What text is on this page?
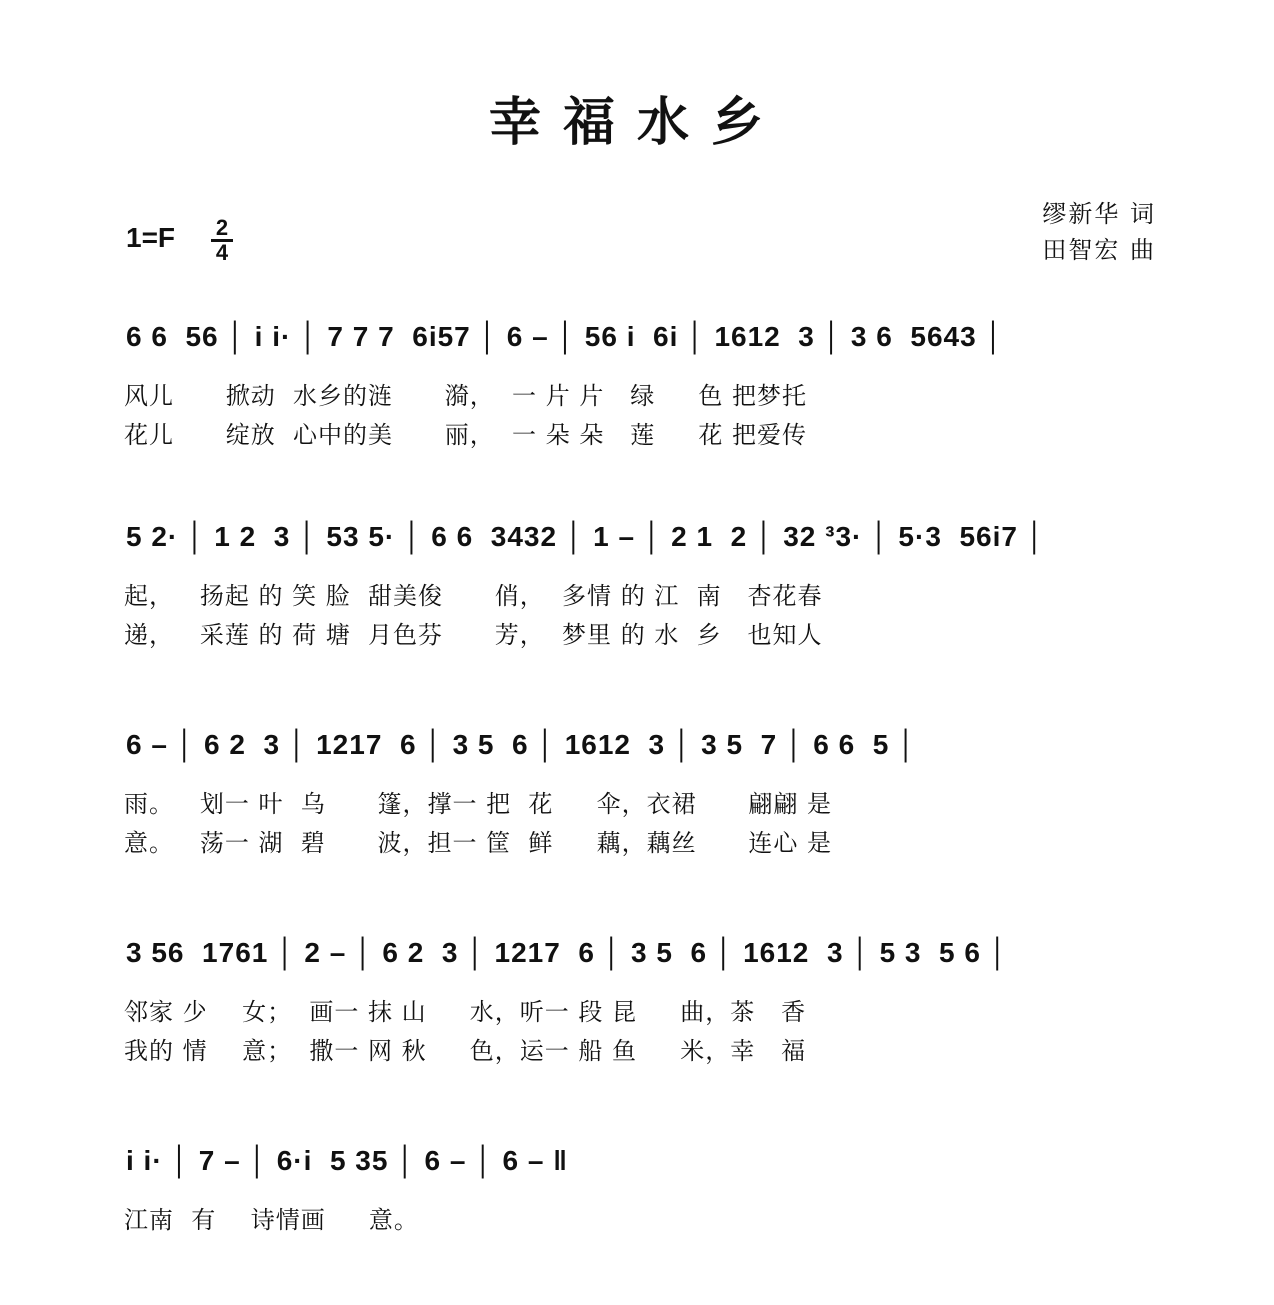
幸福水乡
缪新华 词
田智宏 曲
1=F	2
4
6 6  56 │ i i· │ 7 7 7  6i57 │ 6 – │ 56 i  6i │ 1612  3 │ 3 6  5643 │
风儿      掀动  水乡的涟      漪，  一 片 片   绿     色 把梦托
花儿      绽放  心中的美      丽，  一 朵 朵   莲     花 把爱传
5 2· │ 1 2  3 │ 53 5· │ 6 6  3432 │ 1 – │ 2 1  2 │ 32 ³3· │ 5·3  56i7 │
起，   扬起 的 笑 脸  甜美俊      俏，  多情 的 江  南   杏花春
递，   采莲 的 荷 塘  月色芬      芳，  梦里 的 水  乡   也知人
6 – │ 6 2  3 │ 1217  6 │ 3 5  6 │ 1612  3 │ 3 5  7 │ 6 6  5 │
雨。   划一 叶  乌      篷，撑一 把  花     伞，衣裙      翩翩 是
意。   荡一 湖  碧      波，担一 筐  鲜     藕，藕丝      连心 是
3 56  1761 │ 2 – │ 6 2  3 │ 1217  6 │ 3 5  6 │ 1612  3 │ 5 3  5 6 │
邻家 少    女；  画一 抹 山     水，听一 段 昆     曲，茶   香
我的 情    意；  撒一 网 秋     色，运一 船 鱼     米，幸   福
i i· │ 7 – │ 6·i  5 35 │ 6 – │ 6 – ‖
江南  有    诗情画     意。
